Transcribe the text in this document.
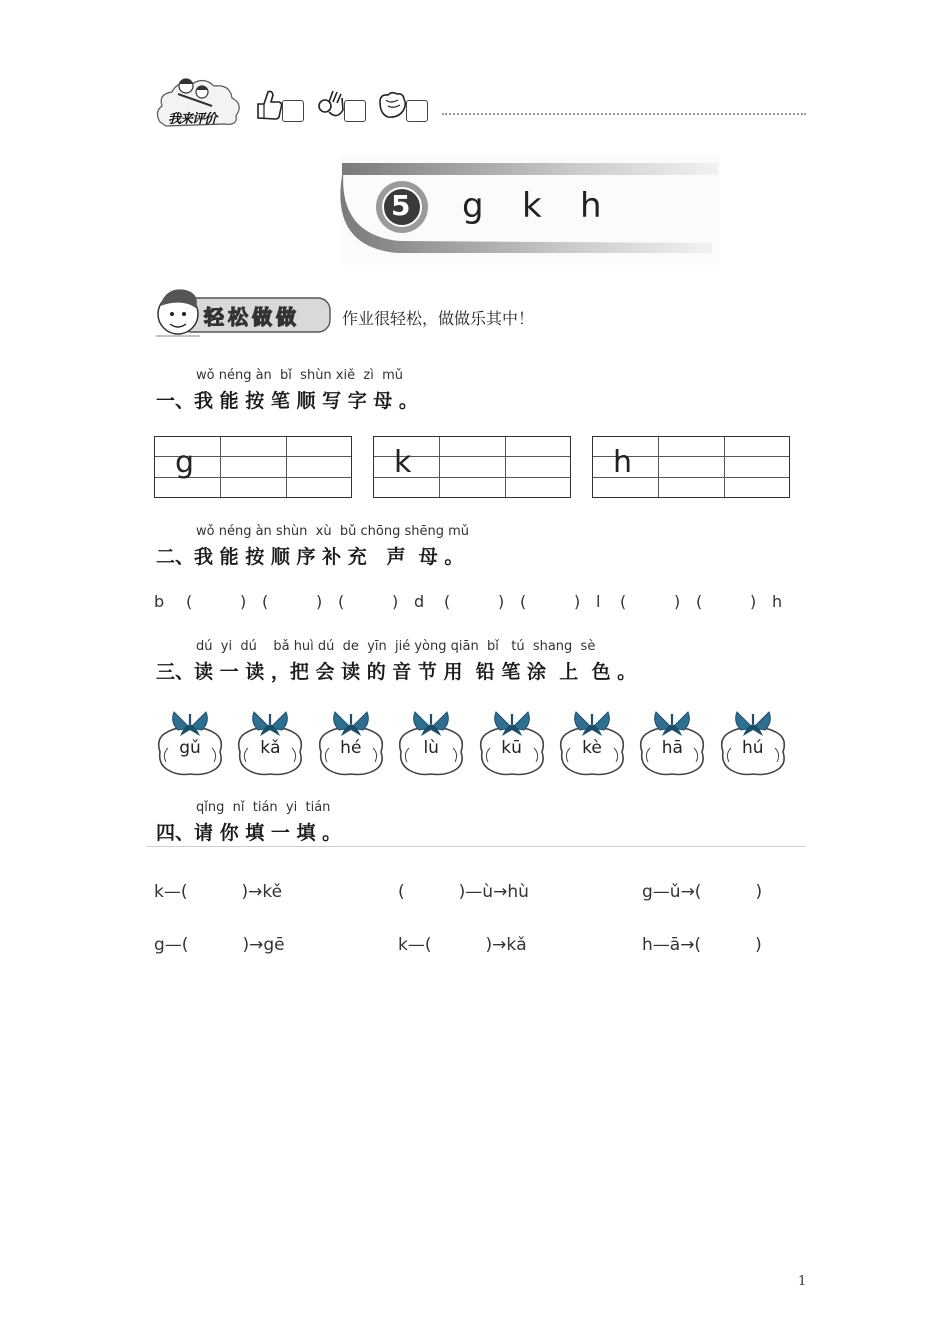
我来评价
5 g k h
轻松做做	作业很轻松，做做乐其中！
wǒ néng àn  bǐ  shùn xiě  zì  mǔ
一、我 能 按 笔 顺 写 字 母 。
g	k	h
wǒ néng àn shùn  xù  bǔ chōng shēng mǔ
二、我 能 按 顺 序 补 充   声  母 。
b (	) (	) (	) d (	) (	) l (	) (	) h
dú  yi  dú    bǎ huì dú  de  yīn  jié yòng qiān  bǐ   tú  shang  sè
三、读 一 读 ，把 会 读 的 音 节 用  铅 笔 涂  上  色 。
gǔ	kǎ	hé	lù	kū	kè	hā	hú
qǐng  nǐ  tián  yi  tián
四、请 你 填 一 填 。
k—(          )→kě	(          )—ù→hù	g—ǔ→(          )
g—(          )→gē	k—(          )→kǎ	h—ā→(          )
1
